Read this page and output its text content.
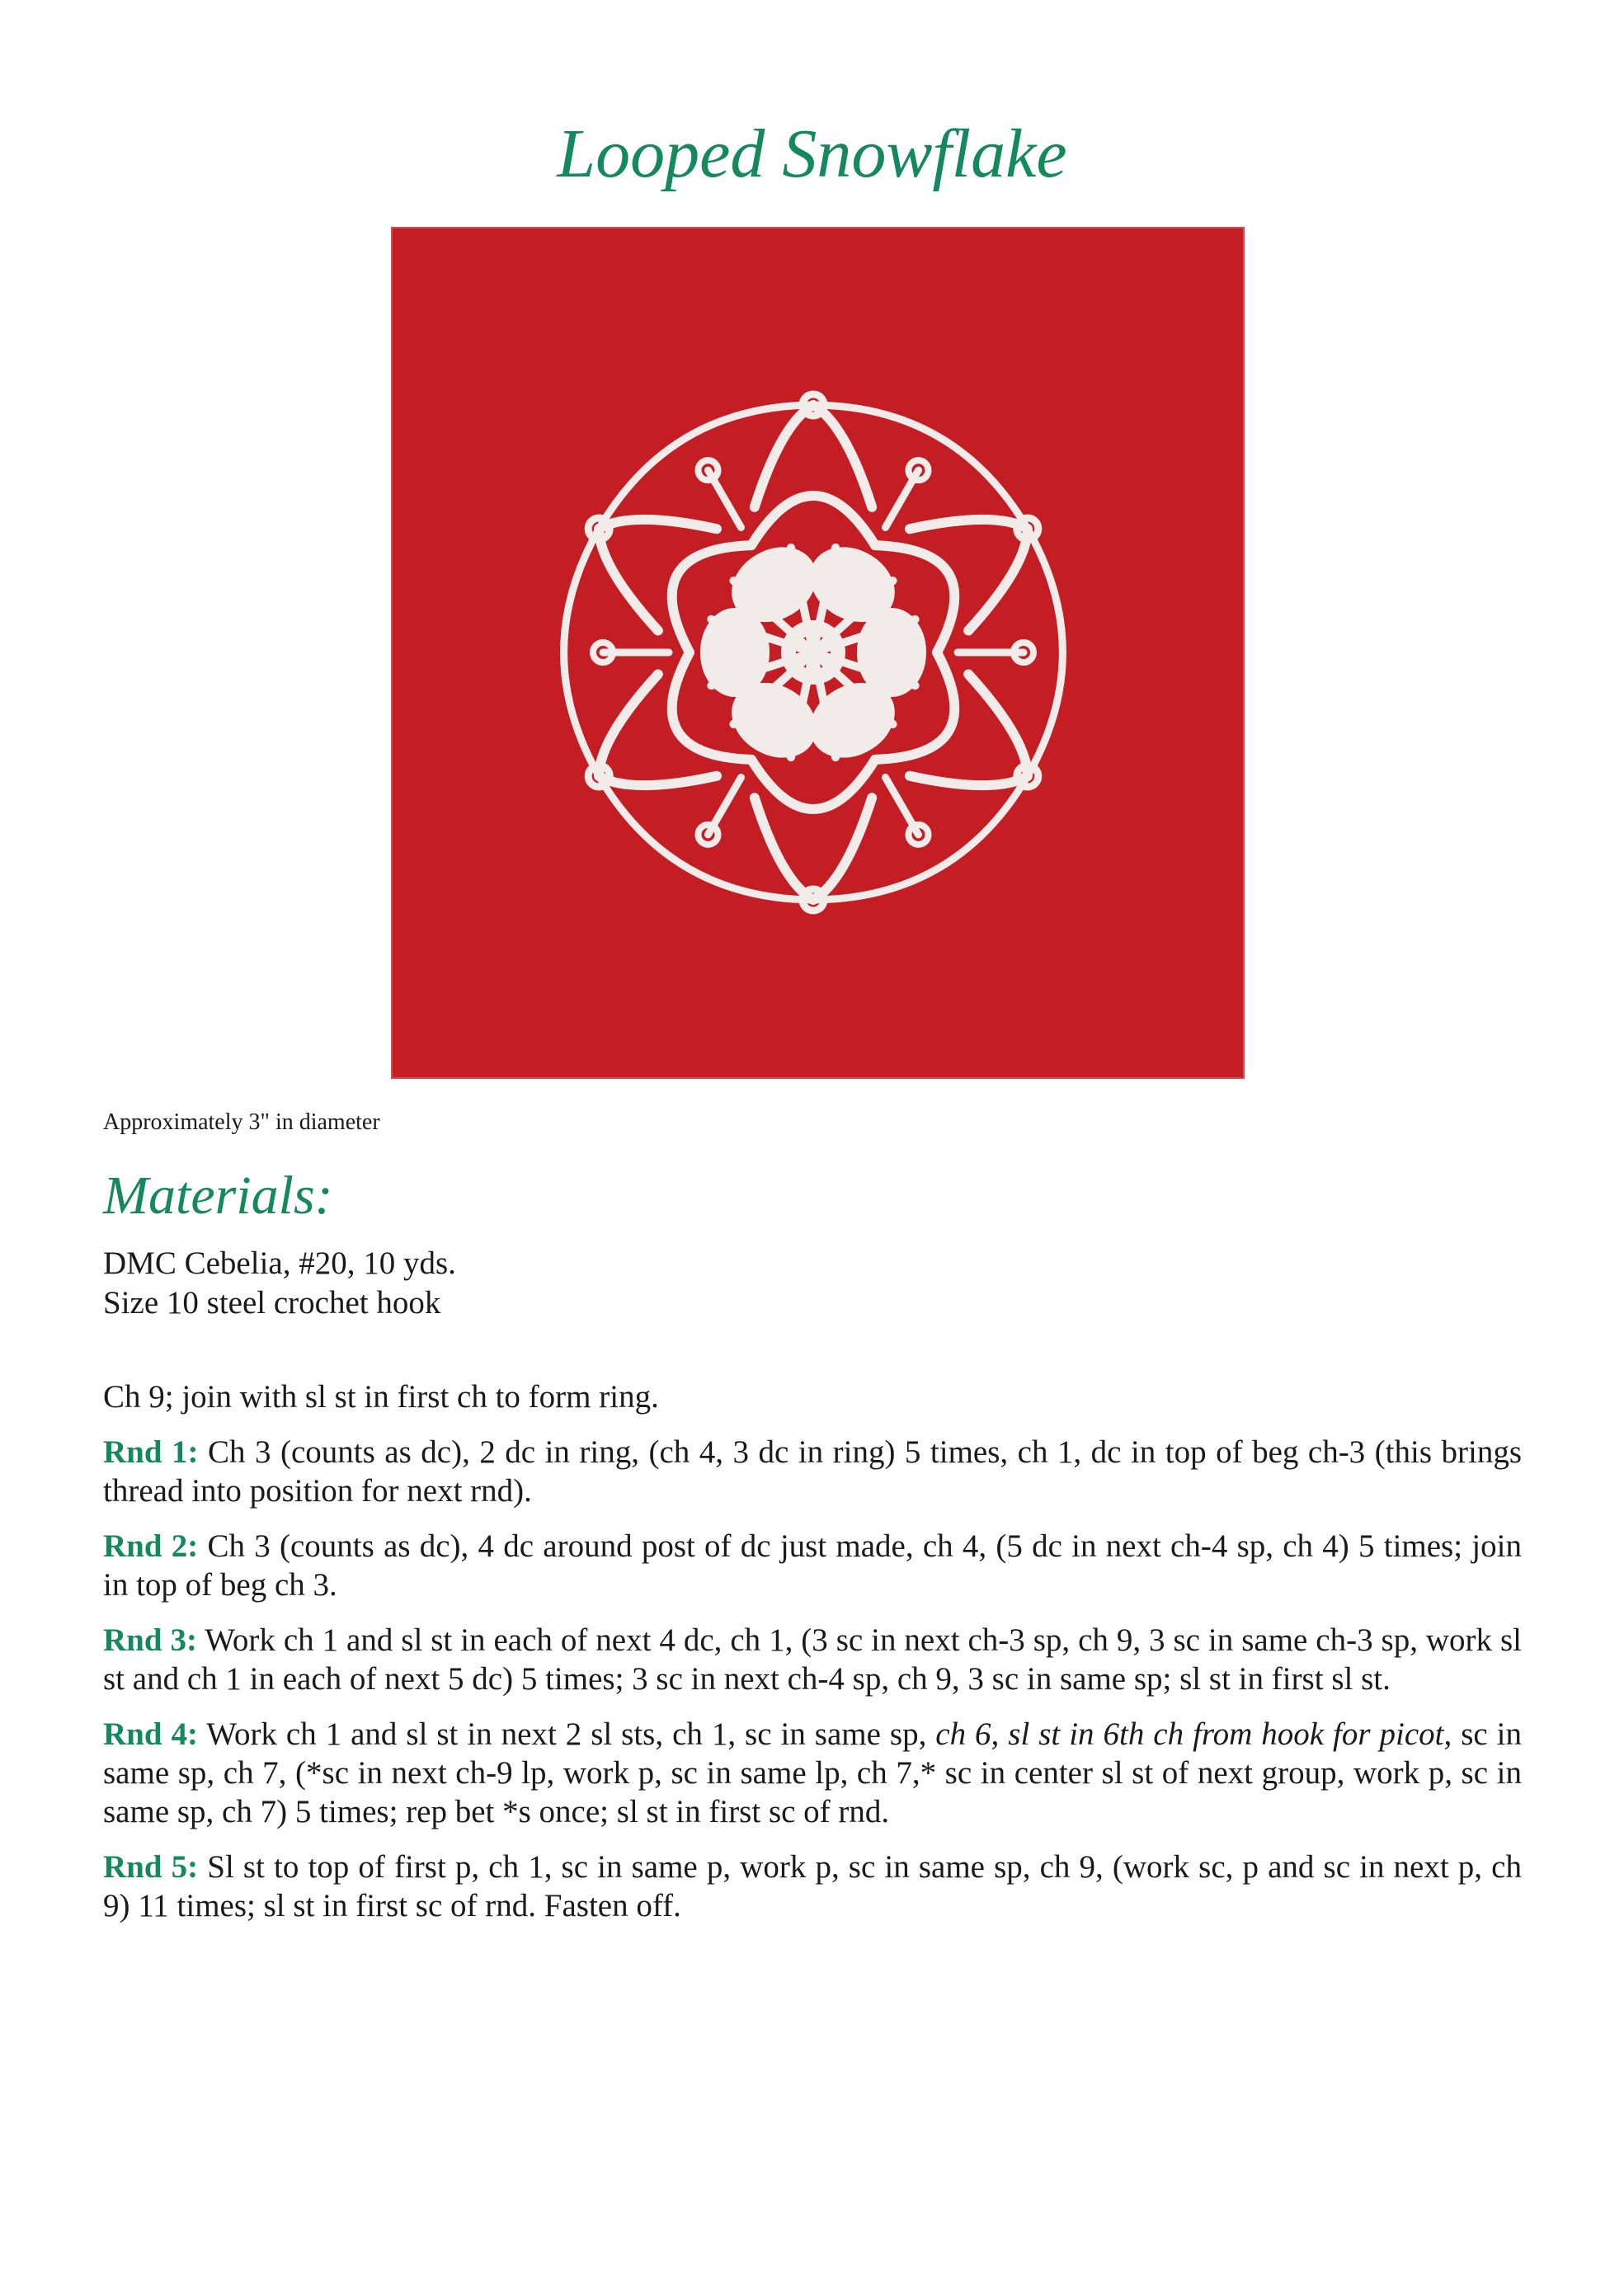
Looped Snowflake

Approximately 3" in diameter

Materials:
DMC Cebelia, #20, 10 yds.
Size 10 steel crochet hook

Ch 9; join with sl st in first ch to form ring.

Rnd 1: Ch 3 (counts as dc), 2 dc in ring, (ch 4, 3 dc in ring) 5 times, ch 1, dc in top of beg ch-3 (this brings thread into position for next rnd).

Rnd 2: Ch 3 (counts as dc), 4 dc around post of dc just made, ch 4, (5 dc in next ch-4 sp, ch 4) 5 times; join in top of beg ch 3.

Rnd 3: Work ch 1 and sl st in each of next 4 dc, ch 1, (3 sc in next ch-3 sp, ch 9, 3 sc in same ch-3 sp, work sl st and ch 1 in each of next 5 dc) 5 times; 3 sc in next ch-4 sp, ch 9, 3 sc in same sp; sl st in first sl st.

Rnd 4: Work ch 1 and sl st in next 2 sl sts, ch 1, sc in same sp, ch 6, sl st in 6th ch from hook for picot, sc in same sp, ch 7, (*sc in next ch-9 lp, work p, sc in same lp, ch 7,* sc in center sl st of next group, work p, sc in same sp, ch 7) 5 times; rep bet *s once; sl st in first sc of rnd.

Rnd 5: Sl st to top of first p, ch 1, sc in same p, work p, sc in same sp, ch 9, (work sc, p and sc in next p, ch 9) 11 times; sl st in first sc of rnd. Fasten off.
